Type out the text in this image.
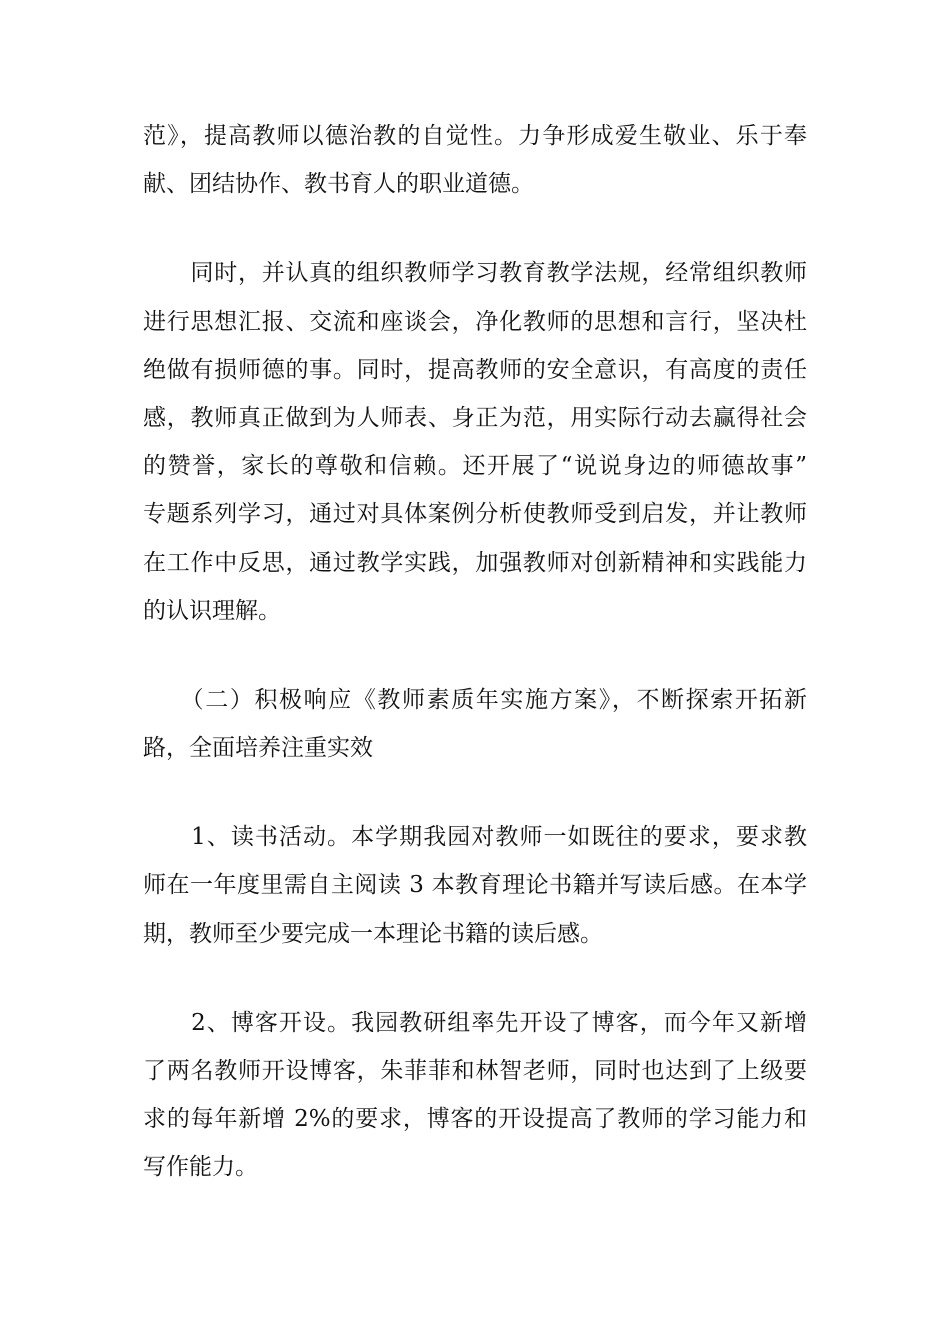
范》，提高教师以德治教的自觉性。力争形成爱生敬业、乐于奉
献、团结协作、教书育人的职业道德。
　　同时，并认真的组织教师学习教育教学法规，经常组织教师
进行思想汇报、交流和座谈会，净化教师的思想和言行，坚决杜
绝做有损师德的事。同时，提高教师的安全意识，有高度的责任
感，教师真正做到为人师表、身正为范，用实际行动去赢得社会
的赞誉，家长的尊敬和信赖。还开展了“说说身边的师德故事”
专题系列学习，通过对具体案例分析使教师受到启发，并让教师
在工作中反思，通过教学实践，加强教师对创新精神和实践能力
的认识理解。
　　（二）积极响应《教师素质年实施方案》，不断探索开拓新
路，全面培养注重实效
　　1、读书活动。本学期我园对教师一如既往的要求，要求教
师在一年度里需自主阅读 3 本教育理论书籍并写读后感。在本学
期，教师至少要完成一本理论书籍的读后感。
　　2、博客开设。我园教研组率先开设了博客，而今年又新增
了两名教师开设博客，朱菲菲和林智老师，同时也达到了上级要
求的每年新增 2%的要求，博客的开设提高了教师的学习能力和
写作能力。
